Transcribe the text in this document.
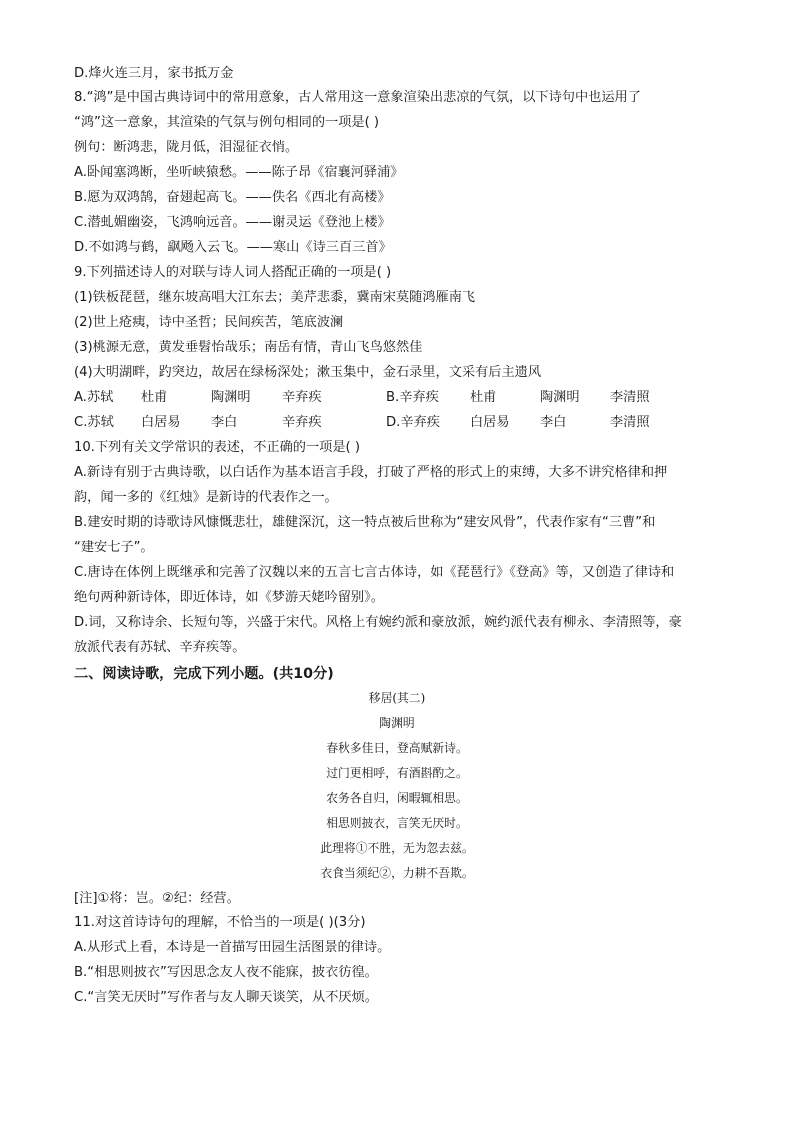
D.烽火连三月，家书抵万金
8.“鸿”是中国古典诗词中的常用意象，古人常用这一意象渲染出悲凉的气氛，以下诗句中也运用了
“鸿”这一意象，其渲染的气氛与例句相同的一项是( )
例句：断鸿悲，陇月低，泪湿征衣悄。
A.卧闻塞鸿断，坐听峡猿愁。——陈子昂《宿襄河驿浦》
B.愿为双鸿鹄，奋翅起高飞。——佚名《西北有高楼》
C.潜虬媚幽姿，飞鸿响远音。——谢灵运《登池上楼》
D.不如鸿与鹤，飖飏入云飞。——寒山《诗三百三首》
9.下列描述诗人的对联与诗人词人搭配正确的一项是( )
(1)铁板琵琶，继东坡高唱大江东去；美芹悲黍，冀南宋莫随鸿雁南飞
(2)世上疮痍，诗中圣哲；民间疾苦，笔底波澜
(3)桃源无意，黄发垂髫怡哉乐；南岳有情，青山飞鸟悠然佳
(4)大明湖畔，趵突边，故居在绿杨深处；漱玉集中，金石录里，文采有后主遗风
A.苏轼 杜甫	陶渊明 辛弃疾	B.辛弃疾 杜甫	陶渊明 李清照
C.苏轼 白居易 李白	辛弃疾	D.辛弃疾 白居易 李白	李清照
10.下列有关文学常识的表述，不正确的一项是( )
A.新诗有别于古典诗歌，以白话作为基本语言手段，打破了严格的形式上的束缚，大多不讲究格律和押
韵，闻一多的《红烛》是新诗的代表作之一。
B.建安时期的诗歌诗风慷慨悲壮，雄健深沉，这一特点被后世称为“建安风骨”，代表作家有“三曹”和
“建安七子”。
C.唐诗在体例上既继承和完善了汉魏以来的五言七言古体诗，如《琵琶行》《登高》等，又创造了律诗和
绝句两种新诗体，即近体诗，如《梦游天姥吟留别》。
D.词，又称诗余、长短句等，兴盛于宋代。风格上有婉约派和豪放派，婉约派代表有柳永、李清照等，豪
放派代表有苏轼、辛弃疾等。
二、阅读诗歌，完成下列小题。(共10分)
移居(其二)
陶渊明
春秋多佳日，登高赋新诗。
过门更相呼，有酒斟酌之。
农务各自归，闲暇辄相思。
相思则披衣，言笑无厌时。
此理将①不胜，无为忽去兹。
衣食当须纪②，力耕不吾欺。
[注]①将：岂。②纪：经营。
11.对这首诗诗句的理解，不恰当的一项是( )(3分)
A.从形式上看，本诗是一首描写田园生活图景的律诗。
B.“相思则披衣”写因思念友人夜不能寐，披衣彷徨。
C.“言笑无厌时”写作者与友人聊天谈笑，从不厌烦。
